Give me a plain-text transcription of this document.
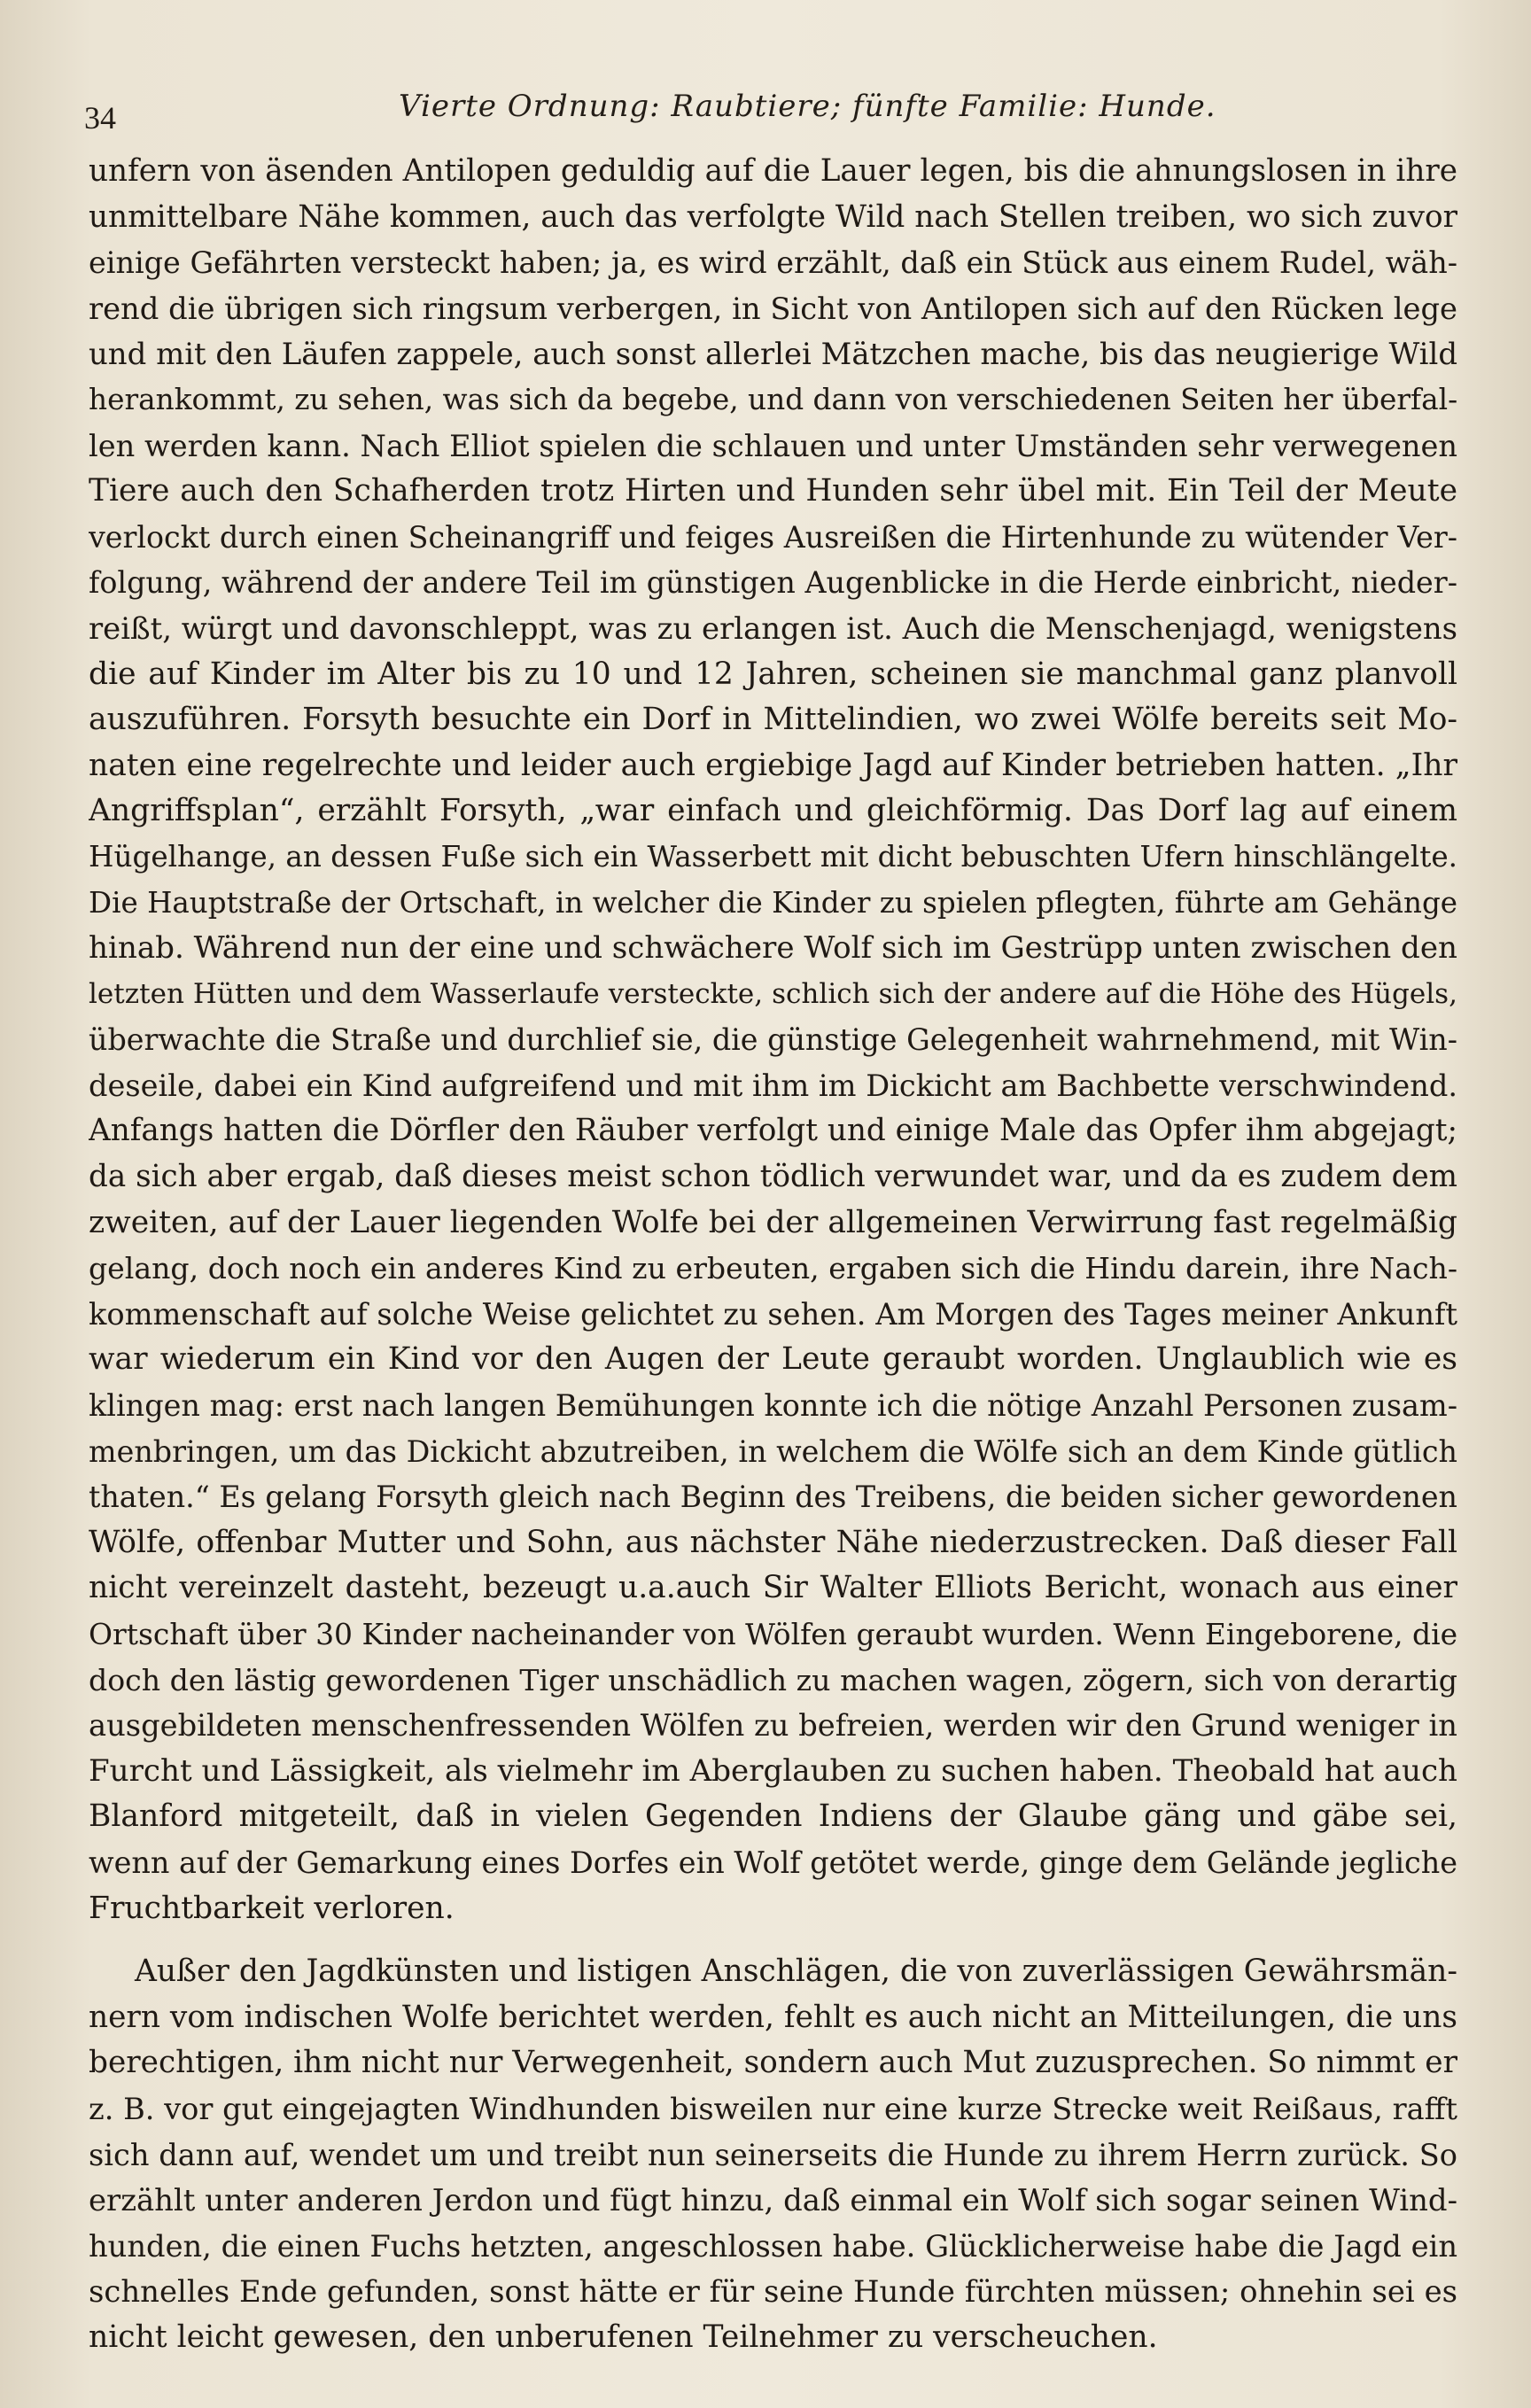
34	Vierte Ordnung: Raubtiere; fünfte Familie: Hunde.
unfern von äsenden Antilopen geduldig auf die Lauer legen, bis die ahnungslosen in ihre
unmittelbare Nähe kommen, auch das verfolgte Wild nach Stellen treiben, wo sich zuvor
einige Gefährten versteckt haben; ja, es wird erzählt, daß ein Stück aus einem Rudel, wäh-
rend die übrigen sich ringsum verbergen, in Sicht von Antilopen sich auf den Rücken lege
und mit den Läufen zappele, auch sonst allerlei Mätzchen mache, bis das neugierige Wild
herankommt, zu sehen, was sich da begebe, und dann von verschiedenen Seiten her überfal-
len werden kann. Nach Elliot spielen die schlauen und unter Umständen sehr verwegenen
Tiere auch den Schafherden trotz Hirten und Hunden sehr übel mit. Ein Teil der Meute
verlockt durch einen Scheinangriff und feiges Ausreißen die Hirtenhunde zu wütender Ver-
folgung, während der andere Teil im günstigen Augenblicke in die Herde einbricht, nieder-
reißt, würgt und davonschleppt, was zu erlangen ist. Auch die Menschenjagd, wenigstens
die auf Kinder im Alter bis zu 10 und 12 Jahren, scheinen sie manchmal ganz planvoll
auszuführen. Forsyth besuchte ein Dorf in Mittelindien, wo zwei Wölfe bereits seit Mo-
naten eine regelrechte und leider auch ergiebige Jagd auf Kinder betrieben hatten. „Ihr
Angriffsplan“, erzählt Forsyth, „war einfach und gleichförmig. Das Dorf lag auf einem
Hügelhange, an dessen Fuße sich ein Wasserbett mit dicht bebuschten Ufern hinschlängelte.
Die Hauptstraße der Ortschaft, in welcher die Kinder zu spielen pflegten, führte am Gehänge
hinab. Während nun der eine und schwächere Wolf sich im Gestrüpp unten zwischen den
letzten Hütten und dem Wasserlaufe versteckte, schlich sich der andere auf die Höhe des Hügels,
überwachte die Straße und durchlief sie, die günstige Gelegenheit wahrnehmend, mit Win-
deseile, dabei ein Kind aufgreifend und mit ihm im Dickicht am Bachbette verschwindend.
Anfangs hatten die Dörfler den Räuber verfolgt und einige Male das Opfer ihm abgejagt;
da sich aber ergab, daß dieses meist schon tödlich verwundet war, und da es zudem dem
zweiten, auf der Lauer liegenden Wolfe bei der allgemeinen Verwirrung fast regelmäßig
gelang, doch noch ein anderes Kind zu erbeuten, ergaben sich die Hindu darein, ihre Nach-
kommenschaft auf solche Weise gelichtet zu sehen. Am Morgen des Tages meiner Ankunft
war wiederum ein Kind vor den Augen der Leute geraubt worden. Unglaublich wie es
klingen mag: erst nach langen Bemühungen konnte ich die nötige Anzahl Personen zusam-
menbringen, um das Dickicht abzutreiben, in welchem die Wölfe sich an dem Kinde gütlich
thaten.“ Es gelang Forsyth gleich nach Beginn des Treibens, die beiden sicher gewordenen
Wölfe, offenbar Mutter und Sohn, aus nächster Nähe niederzustrecken. Daß dieser Fall
nicht vereinzelt dasteht, bezeugt u.a.auch Sir Walter Elliots Bericht, wonach aus einer
Ortschaft über 30 Kinder nacheinander von Wölfen geraubt wurden. Wenn Eingeborene, die
doch den lästig gewordenen Tiger unschädlich zu machen wagen, zögern, sich von derartig
ausgebildeten menschenfressenden Wölfen zu befreien, werden wir den Grund weniger in
Furcht und Lässigkeit, als vielmehr im Aberglauben zu suchen haben. Theobald hat auch
Blanford mitgeteilt, daß in vielen Gegenden Indiens der Glaube gäng und gäbe sei,
wenn auf der Gemarkung eines Dorfes ein Wolf getötet werde, ginge dem Gelände jegliche
Fruchtbarkeit verloren.
Außer den Jagdkünsten und listigen Anschlägen, die von zuverlässigen Gewährsmän-
nern vom indischen Wolfe berichtet werden, fehlt es auch nicht an Mitteilungen, die uns
berechtigen, ihm nicht nur Verwegenheit, sondern auch Mut zuzusprechen. So nimmt er
z. B. vor gut eingejagten Windhunden bisweilen nur eine kurze Strecke weit Reißaus, rafft
sich dann auf, wendet um und treibt nun seinerseits die Hunde zu ihrem Herrn zurück. So
erzählt unter anderen Jerdon und fügt hinzu, daß einmal ein Wolf sich sogar seinen Wind-
hunden, die einen Fuchs hetzten, angeschlossen habe. Glücklicherweise habe die Jagd ein
schnelles Ende gefunden, sonst hätte er für seine Hunde fürchten müssen; ohnehin sei es
nicht leicht gewesen, den unberufenen Teilnehmer zu verscheuchen.
